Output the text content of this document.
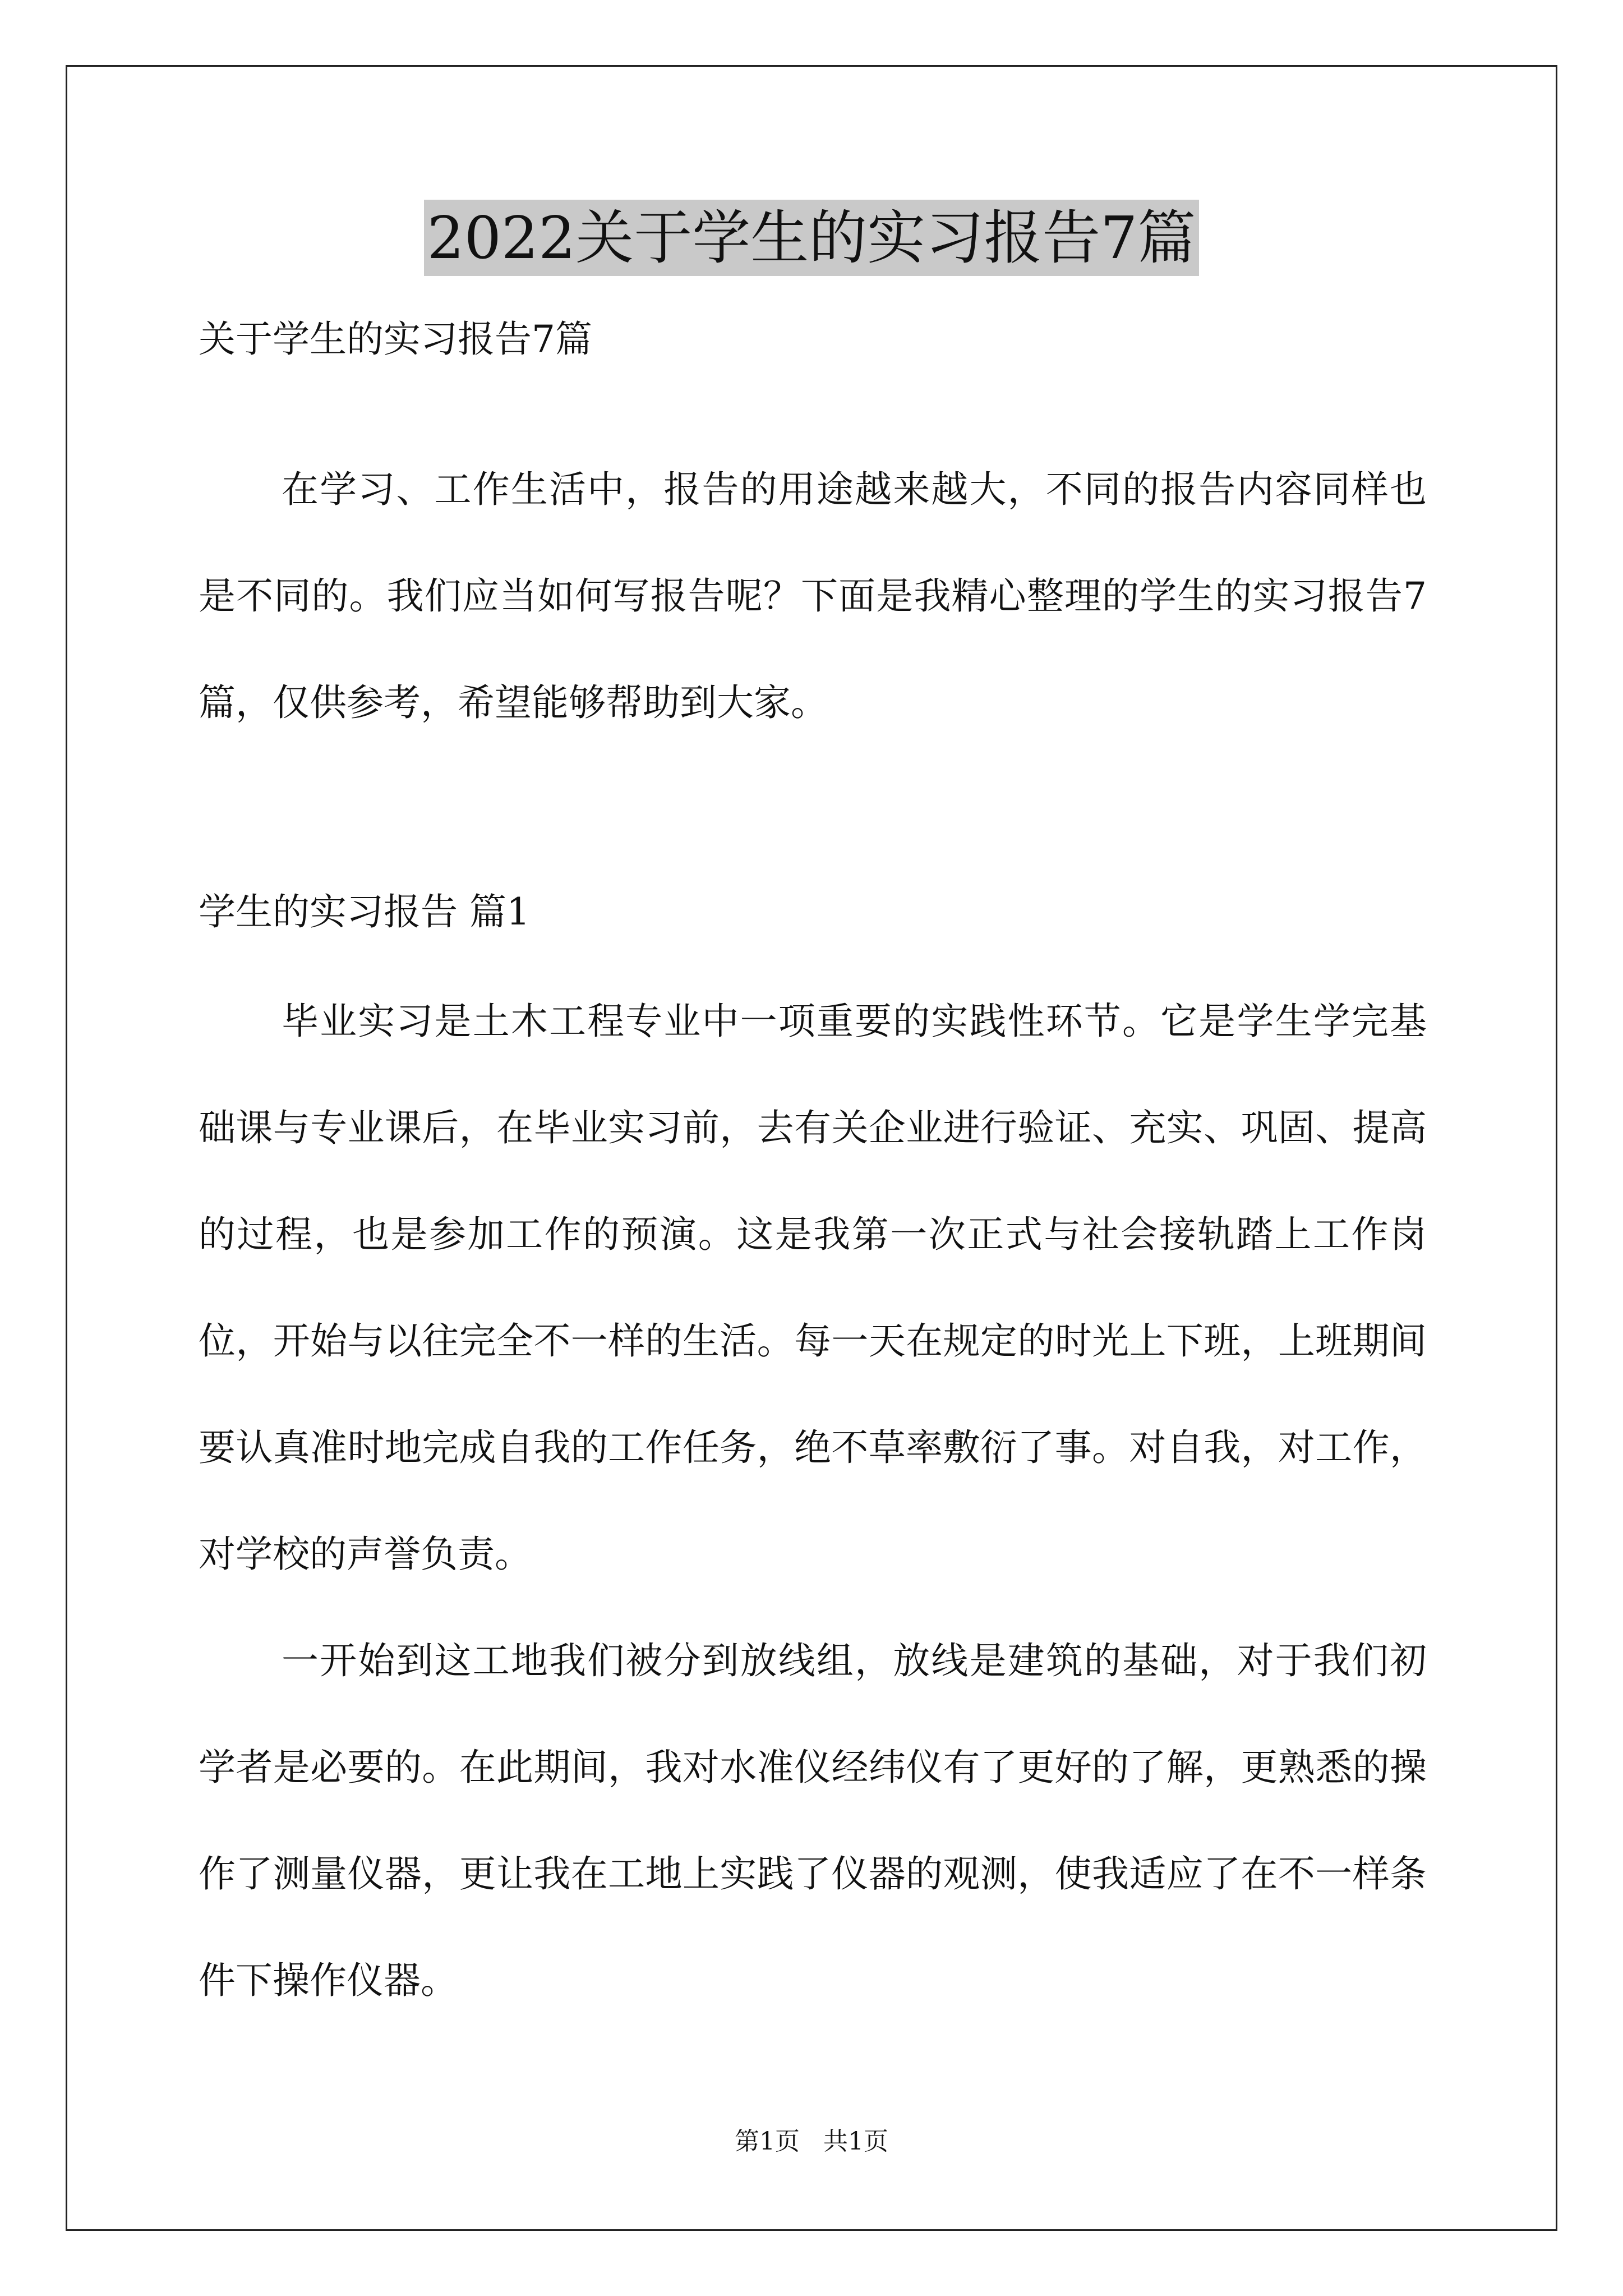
2022关于学生的实习报告7篇
关于学生的实习报告7篇

在学习、工作生活中，报告的用途越来越大，不同的报告内容同样也是不同的。我们应当如何写报告呢？下面是我精心整理的学生的实习报告7篇，仅供参考，希望能够帮助到大家。

学生的实习报告 篇1

毕业实习是土木工程专业中一项重要的实践性环节。它是学生学完基础课与专业课后，在毕业实习前，去有关企业进行验证、充实、巩固、提高的过程，也是参加工作的预演。这是我第一次正式与社会接轨踏上工作岗位，开始与以往完全不一样的生活。每一天在规定的时光上下班，上班期间要认真准时地完成自我的工作任务，绝不草率敷衍了事。对自我，对工作，对学校的声誉负责。

一开始到这工地我们被分到放线组，放线是建筑的基础，对于我们初学者是必要的。在此期间，我对水准仪经纬仪有了更好的了解，更熟悉的操作了测量仪器，更让我在工地上实践了仪器的观测，使我适应了在不一样条件下操作仪器。

第1页   共1页
